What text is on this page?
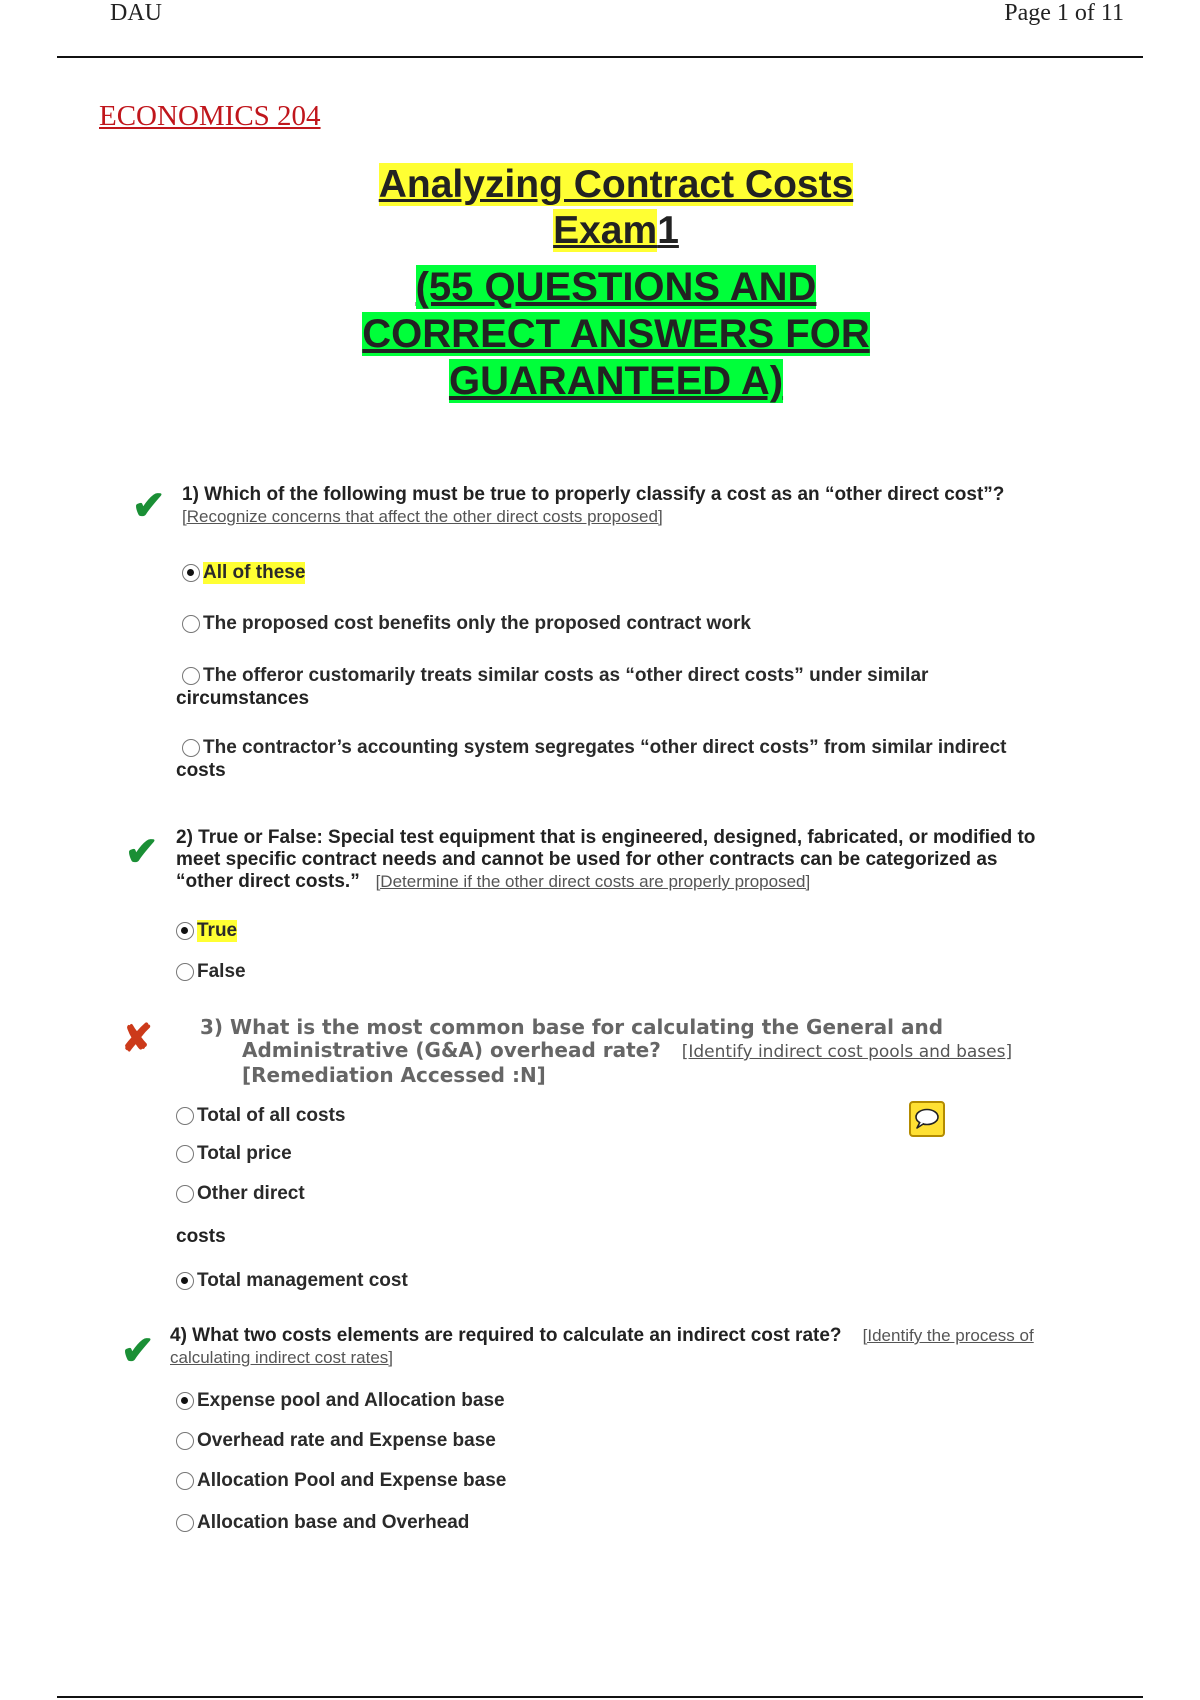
DAU	Page 1 of 11
ECONOMICS 204
Analyzing Contract Costs
Exam1
(55 QUESTIONS AND
CORRECT ANSWERS FOR
GUARANTEED A)
✔ 1) Which of the following must be true to properly classify a cost as an “other direct cost”?
[Recognize concerns that affect the other direct costs proposed]
All of these
The proposed cost benefits only the proposed contract work
The offeror customarily treats similar costs as “other direct costs” under similar
circumstances
The contractor’s accounting system segregates “other direct costs” from similar indirect
costs
✔ 2) True or False: Special test equipment that is engineered, designed, fabricated, or modified to
meet specific contract needs and cannot be used for other contracts can be categorized as
“other direct costs.” [Determine if the other direct costs are properly proposed]
True
False
✘ 3) What is the most common base for calculating the General and
Administrative (G&A) overhead rate? [Identify indirect cost pools and bases]
[Remediation Accessed :N]
Total of all costs
Total price
Other direct
costs
Total management cost
✔ 4) What two costs elements are required to calculate an indirect cost rate? [Identify the process of
calculating indirect cost rates]
Expense pool and Allocation base
Overhead rate and Expense base
Allocation Pool and Expense base
Allocation base and Overhead
